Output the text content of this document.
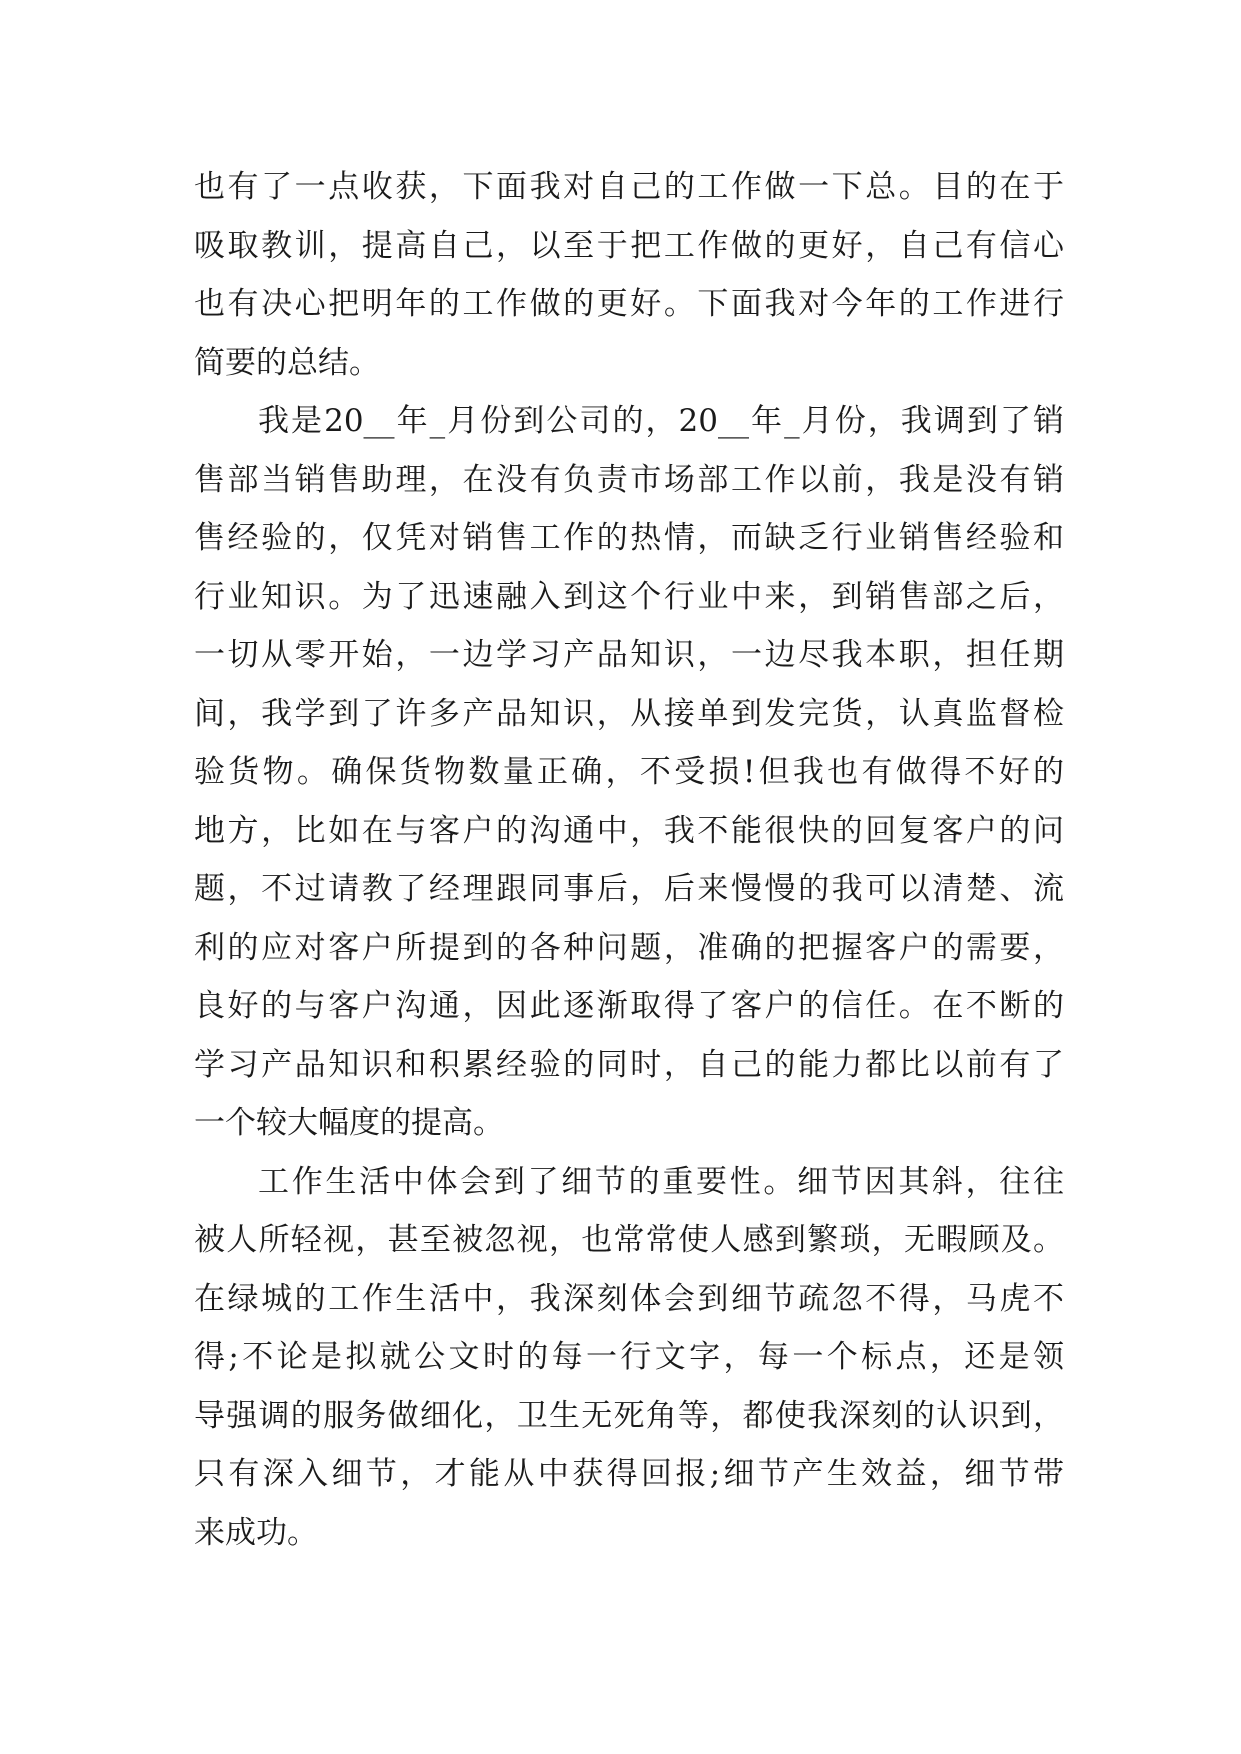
也有了一点收获，下面我对自己的工作做一下总。目的在于
吸取教训，提高自己，以至于把工作做的更好，自己有信心
也有决心把明年的工作做的更好。下面我对今年的工作进行
简要的总结。
我是20__年_月份到公司的，20__年_月份，我调到了销
售部当销售助理，在没有负责市场部工作以前，我是没有销
售经验的，仅凭对销售工作的热情，而缺乏行业销售经验和
行业知识。为了迅速融入到这个行业中来，到销售部之后，
一切从零开始，一边学习产品知识，一边尽我本职，担任期
间，我学到了许多产品知识，从接单到发完货，认真监督检
验货物。确保货物数量正确，不受损!但我也有做得不好的
地方，比如在与客户的沟通中，我不能很快的回复客户的问
题，不过请教了经理跟同事后，后来慢慢的我可以清楚、流
利的应对客户所提到的各种问题，准确的把握客户的需要，
良好的与客户沟通，因此逐渐取得了客户的信任。在不断的
学习产品知识和积累经验的同时，自己的能力都比以前有了
一个较大幅度的提高。
工作生活中体会到了细节的重要性。细节因其斜，往往
被人所轻视，甚至被忽视，也常常使人感到繁琐，无暇顾及。
在绿城的工作生活中，我深刻体会到细节疏忽不得，马虎不
得;不论是拟就公文时的每一行文字，每一个标点，还是领
导强调的服务做细化，卫生无死角等，都使我深刻的认识到，
只有深入细节，才能从中获得回报;细节产生效益，细节带
来成功。
